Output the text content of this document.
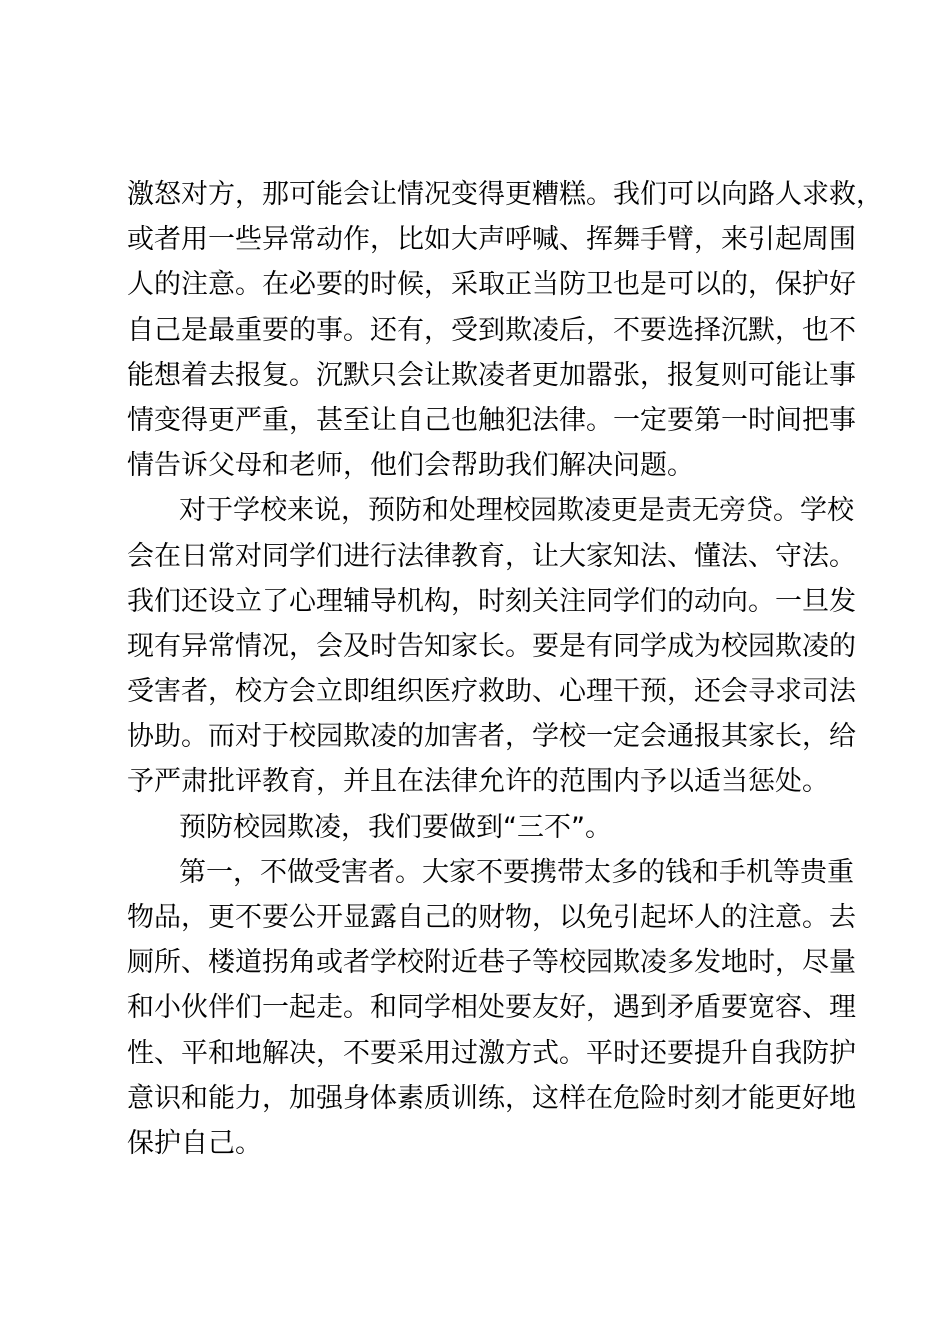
激怒对方，那可能会让情况变得更糟糕。我们可以向路人求救，
或者用一些异常动作，比如大声呼喊、挥舞手臂，来引起周围
人的注意。在必要的时候，采取正当防卫也是可以的，保护好
自己是最重要的事。还有，受到欺凌后，不要选择沉默，也不
能想着去报复。沉默只会让欺凌者更加嚣张，报复则可能让事
情变得更严重，甚至让自己也触犯法律。一定要第一时间把事
情告诉父母和老师，他们会帮助我们解决问题。
对于学校来说，预防和处理校园欺凌更是责无旁贷。学校
会在日常对同学们进行法律教育，让大家知法、懂法、守法。
我们还设立了心理辅导机构，时刻关注同学们的动向。一旦发
现有异常情况，会及时告知家长。要是有同学成为校园欺凌的
受害者，校方会立即组织医疗救助、心理干预，还会寻求司法
协助。而对于校园欺凌的加害者，学校一定会通报其家长，给
予严肃批评教育，并且在法律允许的范围内予以适当惩处。
预防校园欺凌，我们要做到“三不”。
第一，不做受害者。大家不要携带太多的钱和手机等贵重
物品，更不要公开显露自己的财物，以免引起坏人的注意。去
厕所、楼道拐角或者学校附近巷子等校园欺凌多发地时，尽量
和小伙伴们一起走。和同学相处要友好，遇到矛盾要宽容、理
性、平和地解决，不要采用过激方式。平时还要提升自我防护
意识和能力，加强身体素质训练，这样在危险时刻才能更好地
保护自己。
